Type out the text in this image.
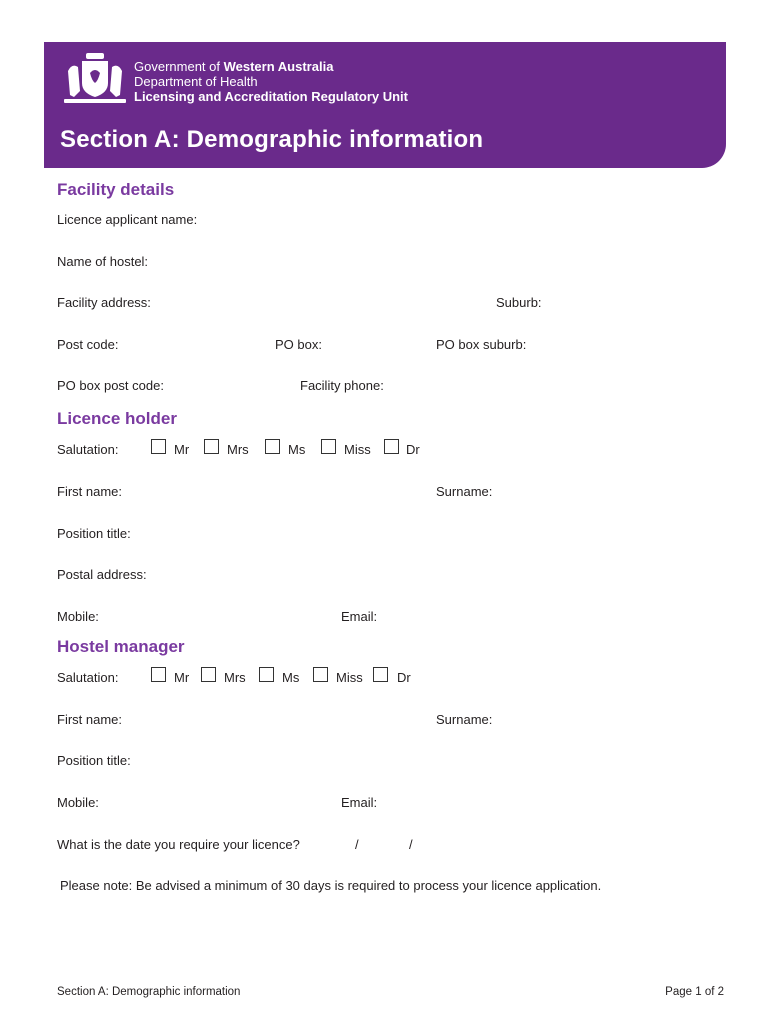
Government of Western Australia
Department of Health
Licensing and Accreditation Regulatory Unit
Section A: Demographic information
Facility details
Licence applicant name:
Name of hostel:
Facility address:	Suburb:
Post code:	PO box:	PO box suburb:
PO box post code:	Facility phone:
Licence holder
Salutation:	Mr	Mrs	Ms	Miss	Dr
First name:	Surname:
Position title:
Postal address:
Mobile:	Email:
Hostel manager
Salutation:	Mr	Mrs	Ms	Miss	Dr
First name:	Surname:
Position title:
Mobile:	Email:
What is the date you require your licence?	/	/
Please note: Be advised a minimum of 30 days is required to process your licence application.
Section A: Demographic information	Page 1 of 2
